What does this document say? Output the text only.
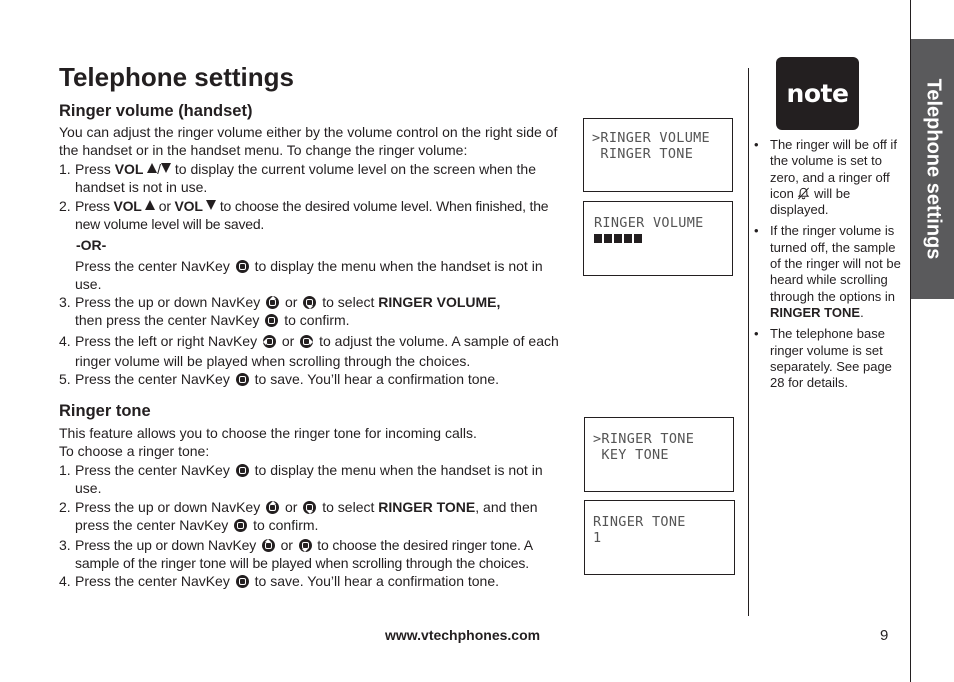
Telephone settings
Ringer volume (handset)

You can adjust the ringer volume either by the volume control on the right side of the handset or in the handset menu. To change the ringer volume:

1. Press VOL / to display the current volume level on the screen when the handset is not in use.
2. Press VOL  or VOL  to choose the desired volume level. When finished, the new volume level will be saved.
-OR-
Press the center NavKey  to display the menu when the handset is not in use.
3. Press the up or down NavKey  or  to select RINGER VOLUME,
then press the center NavKey  to confirm.
4. Press the left or right NavKey  or  to adjust the volume. A sample of each ringer volume will be played when scrolling through the choices.
5. Press the center NavKey  to save. You’ll hear a confirmation tone.
Ringer tone

This feature allows you to choose the ringer tone for incoming calls.

To choose a ringer tone:

1. Press the center NavKey  to display the menu when the handset is not in use.
2. Press the up or down NavKey  or  to select RINGER TONE, and then press the center NavKey  to confirm.
3. Press the up or down NavKey  or  to choose the desired ringer tone. A sample of the ringer tone will be played when scrolling through the choices.
4. Press the center NavKey  to save. You’ll hear a confirmation tone.
>RINGER VOLUME
RINGER TONE
RINGER VOLUME
>RINGER TONE
KEY TONE
RINGER TONE
1
note
• The ringer will be off if the volume is set to zero, and a ringer off icon  will be displayed.
• If the ringer volume is turned off, the sample of the ringer will not be heard while scrolling through the options in RINGER TONE.
• The telephone base ringer volume is set separately. See page 28 for details.
Telephone settings
www.vtechphones.com	9
